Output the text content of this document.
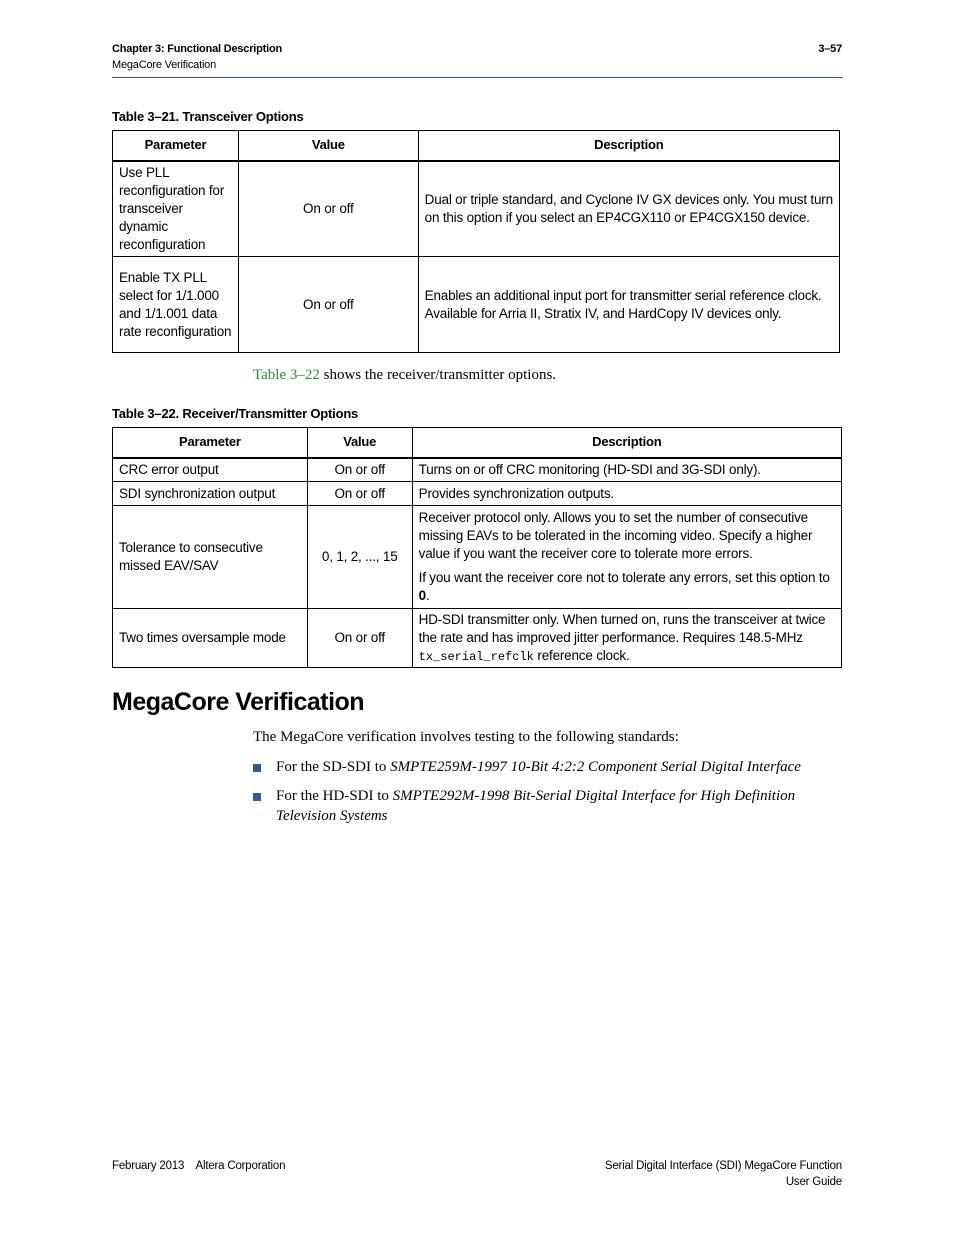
Chapter 3: Functional Description
MegaCore Verification
3–57
Table 3–21. Transceiver Options
Parameter	Value	Description
Use PLL reconfiguration for transceiver dynamic reconfiguration	On or off	Dual or triple standard, and Cyclone IV GX devices only. You must turn on this option if you select an EP4CGX110 or EP4CGX150 device.
Enable TX PLL select for 1/1.000 and 1/1.001 data rate reconfiguration	On or off	Enables an additional input port for transmitter serial reference clock. Available for Arria II, Stratix IV, and HardCopy IV devices only.
Table 3–22 shows the receiver/transmitter options.
Table 3–22. Receiver/Transmitter Options
Parameter	Value	Description
CRC error output	On or off	Turns on or off CRC monitoring (HD-SDI and 3G-SDI only).
SDI synchronization output	On or off	Provides synchronization outputs.
Tolerance to consecutive missed EAV/SAV	0, 1, 2, ..., 15	Receiver protocol only. Allows you to set the number of consecutive missing EAVs to be tolerated in the incoming video. Specify a higher value if you want the receiver core to tolerate more errors.

If you want the receiver core not to tolerate any errors, set this option to 0.

Two times oversample mode	On or off	HD-SDI transmitter only. When turned on, runs the transceiver at twice the rate and has improved jitter performance. Requires 148.5-MHz tx_serial_refclk reference clock.
MegaCore Verification
The MegaCore verification involves testing to the following standards:
For the SD-SDI to SMPTE259M-1997 10-Bit 4:2:2 Component Serial Digital Interface
For the HD-SDI to SMPTE292M-1998 Bit-Serial Digital Interface for High Definition Television Systems
February 2013    Altera Corporation	Serial Digital Interface (SDI) MegaCore Function
User Guide
